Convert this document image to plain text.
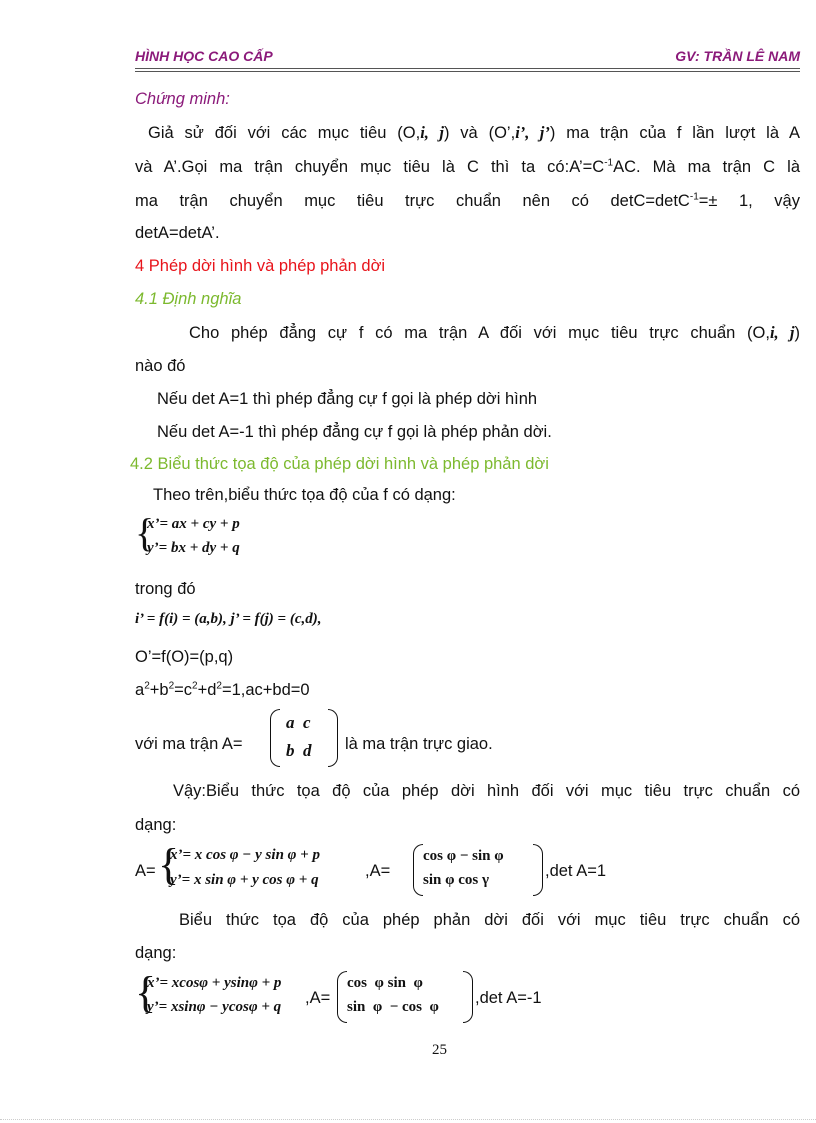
HÌNH HỌC CAO CẤP	GV: TRẦN LÊ NAM
Chứng minh:
Giả sử đối với các mục tiêu (O,i, j) và (O’,i’, j’) ma trận của f lần lượt là A
và A’.Gọi ma trận chuyển mục tiêu là C thì ta $có:A’=C^{-1}AC$. Mà ma trận C là
ma trận chuyển mục tiêu trực chuẩn nên có detC=detC$^{-1}$=± 1, vậy
detA=detA’.
4 Phép dời hình và phép phản dời
4.1 Định nghĩa
Cho phép đẳng cự f có ma trận A đối với mục tiêu trực chuẩn (O,i, j)
nào đó
Nếu det A=1 thì phép đẳng cự f gọi là phép dời hình
Nếu det A=-1 thì phép đẳng cự f gọi là phép phản dời.
4.2 Biểu thức tọa độ của phép dời hình và phép phản dời
Theo trên,biểu thức tọa độ của f có dạng:
{
x’= ax + cy + p
y’= bx + dy + q
trong đó
i’ = f(i) = (a,b), j’ = f(j) = (c,d),
O’=f(O)=(p,q)
$a^2+b^2=c^2+d^2=1,ac+bd=0$
với ma trận A=
a  c
b  d là ma trận trực giao.
Vậy:Biểu thức tọa độ của phép dời hình đối với mục tiêu trực chuẩn có
dạng:
A= {
x’= x cos φ − y sin φ + p
y’= x sin φ + y cos φ + q	,A=
cos φ − sin φ
sin φ cos γ	,det A=1
Biểu thức tọa độ của phép phản dời đối với mục tiêu trực chuẩn có
dạng:
{
x’= xcosφ + ysinφ + p
y’= xsinφ − ycosφ + q ,A=
cos  φ sin  φ
sin  φ  − cos  φ ,det A=-1
25
